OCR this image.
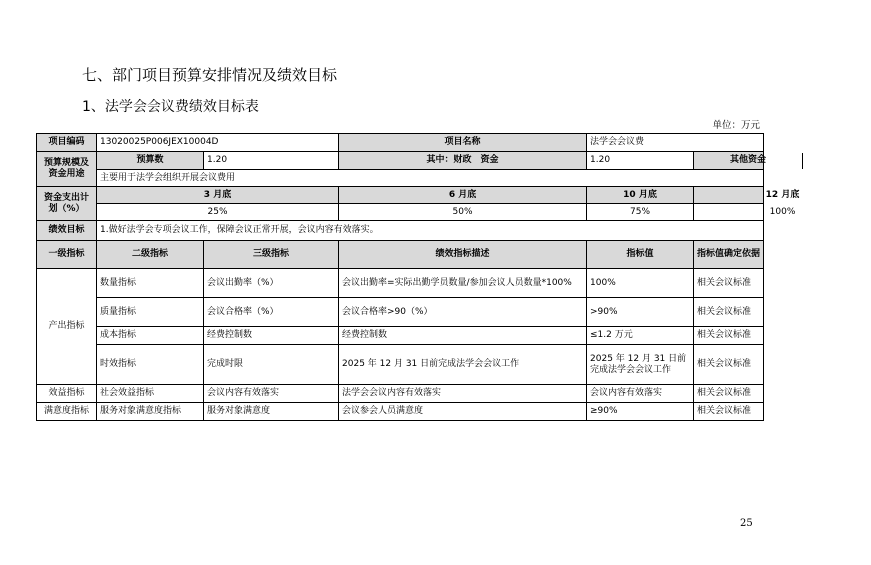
七、部门项目预算安排情况及绩效目标
1、法学会会议费绩效目标表
单位：万元
项目编码	13020025P006JEX10004D		项目名称	法学会会议费	
预算规模及资金用途	预算数	1.20	其中：财政　资金	1.20	其他资金

	主要用于法学会组织开展会议费用				
资金支出计划（%）	3 月底		6 月底	10 月底	12 月底

	25%		50%	75%	100%

绩效目标	1.做好法学会专项会议工作，保障会议正常开展，会议内容有效落实。				
一级指标	二级指标	三级指标	绩效指标描述	指标值	指标值确定依据
产出指标	数量指标	会议出勤率（%）	会议出勤率=实际出勤学员数量/参加会议人员数量*100%	100%	相关会议标准
	质量指标	会议合格率（%）	会议合格率>90（%）	>90%	相关会议标准
	成本指标	经费控制数	经费控制数	≤1.2 万元	相关会议标准
	时效指标	完成时限	2025 年 12 月 31 日前完成法学会会议工作	2025 年 12 月 31 日前完成法学会会议工作	相关会议标准
效益指标	社会效益指标	会议内容有效落实	法学会会议内容有效落实	会议内容有效落实	相关会议标准
满意度指标	服务对象满意度指标	服务对象满意度	会议参会人员满意度	≥90%	相关会议标准
25
